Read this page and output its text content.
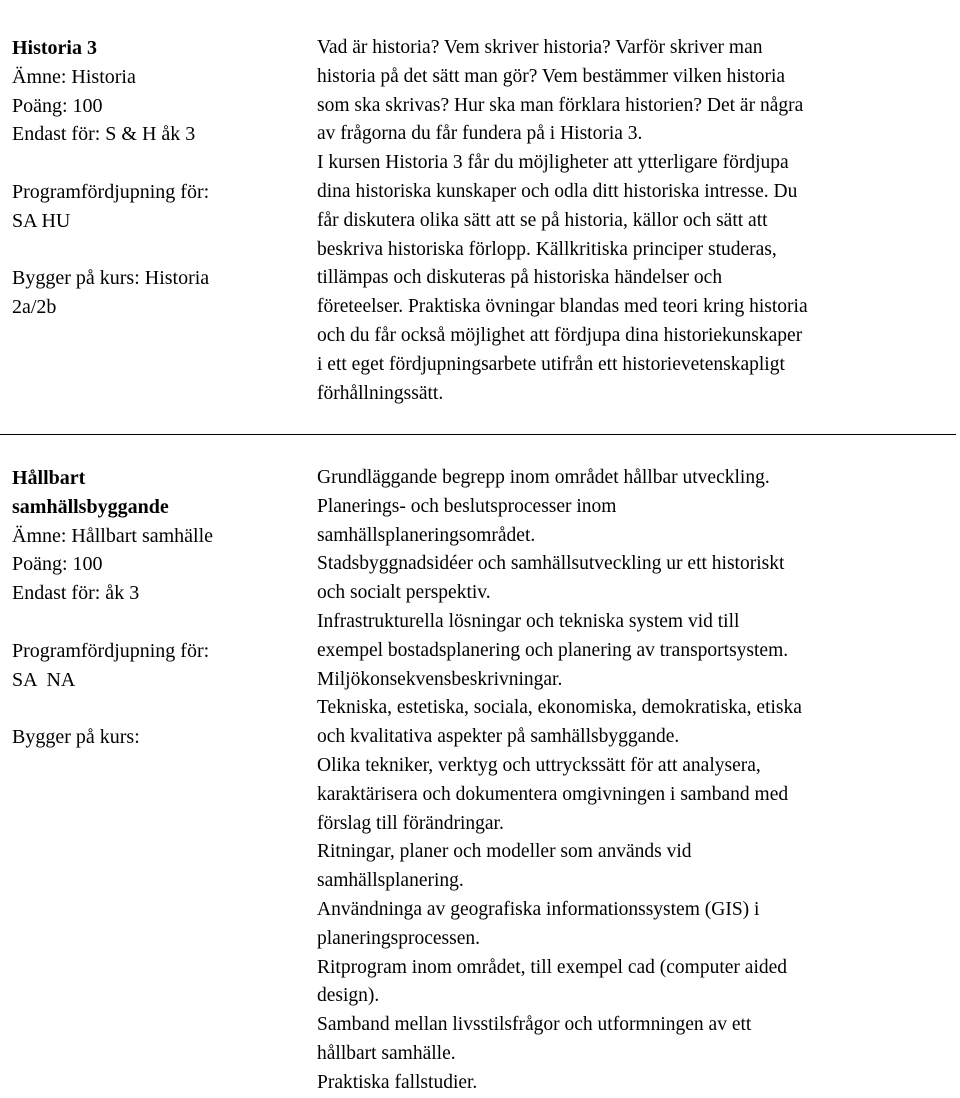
Historia 3
Ämne: Historia
Poäng: 100
Endast för: S & H åk 3
Programfördjupning för:
SA HU
Bygger på kurs: Historia
2a/2b
Vad är historia? Vem skriver historia? Varför skriver man
historia på det sätt man gör? Vem bestämmer vilken historia
som ska skrivas? Hur ska man förklara historien? Det är några
av frågorna du får fundera på i Historia 3.
I kursen Historia 3 får du möjligheter att ytterligare fördjupa
dina historiska kunskaper och odla ditt historiska intresse. Du
får diskutera olika sätt att se på historia, källor och sätt att
beskriva historiska förlopp. Källkritiska principer studeras,
tillämpas och diskuteras på historiska händelser och
företeelser. Praktiska övningar blandas med teori kring historia
och du får också möjlighet att fördjupa dina historiekunskaper
i ett eget fördjupningsarbete utifrån ett historievetenskapligt
förhållningssätt.
Hållbart
samhällsbyggande
Ämne: Hållbart samhälle
Poäng: 100
Endast för: åk 3
Programfördjupning för:
SA  NA
Bygger på kurs:
Grundläggande begrepp inom området hållbar utveckling.
Planerings- och beslutsprocesser inom
samhällsplaneringsområdet.
Stadsbyggnadsidéer och samhällsutveckling ur ett historiskt
och socialt perspektiv.
Infrastrukturella lösningar och tekniska system vid till
exempel bostadsplanering och planering av transportsystem.
Miljökonsekvensbeskrivningar.
Tekniska, estetiska, sociala, ekonomiska, demokratiska, etiska
och kvalitativa aspekter på samhällsbyggande.
Olika tekniker, verktyg och uttryckssätt för att analysera,
karaktärisera och dokumentera omgivningen i samband med
förslag till förändringar.
Ritningar, planer och modeller som används vid
samhällsplanering.
Användninga av geografiska informationssystem (GIS) i
planeringsprocessen.
Ritprogram inom området, till exempel cad (computer aided
design).
Samband mellan livsstilsfrågor och utformningen av ett
hållbart samhälle.
Praktiska fallstudier.
